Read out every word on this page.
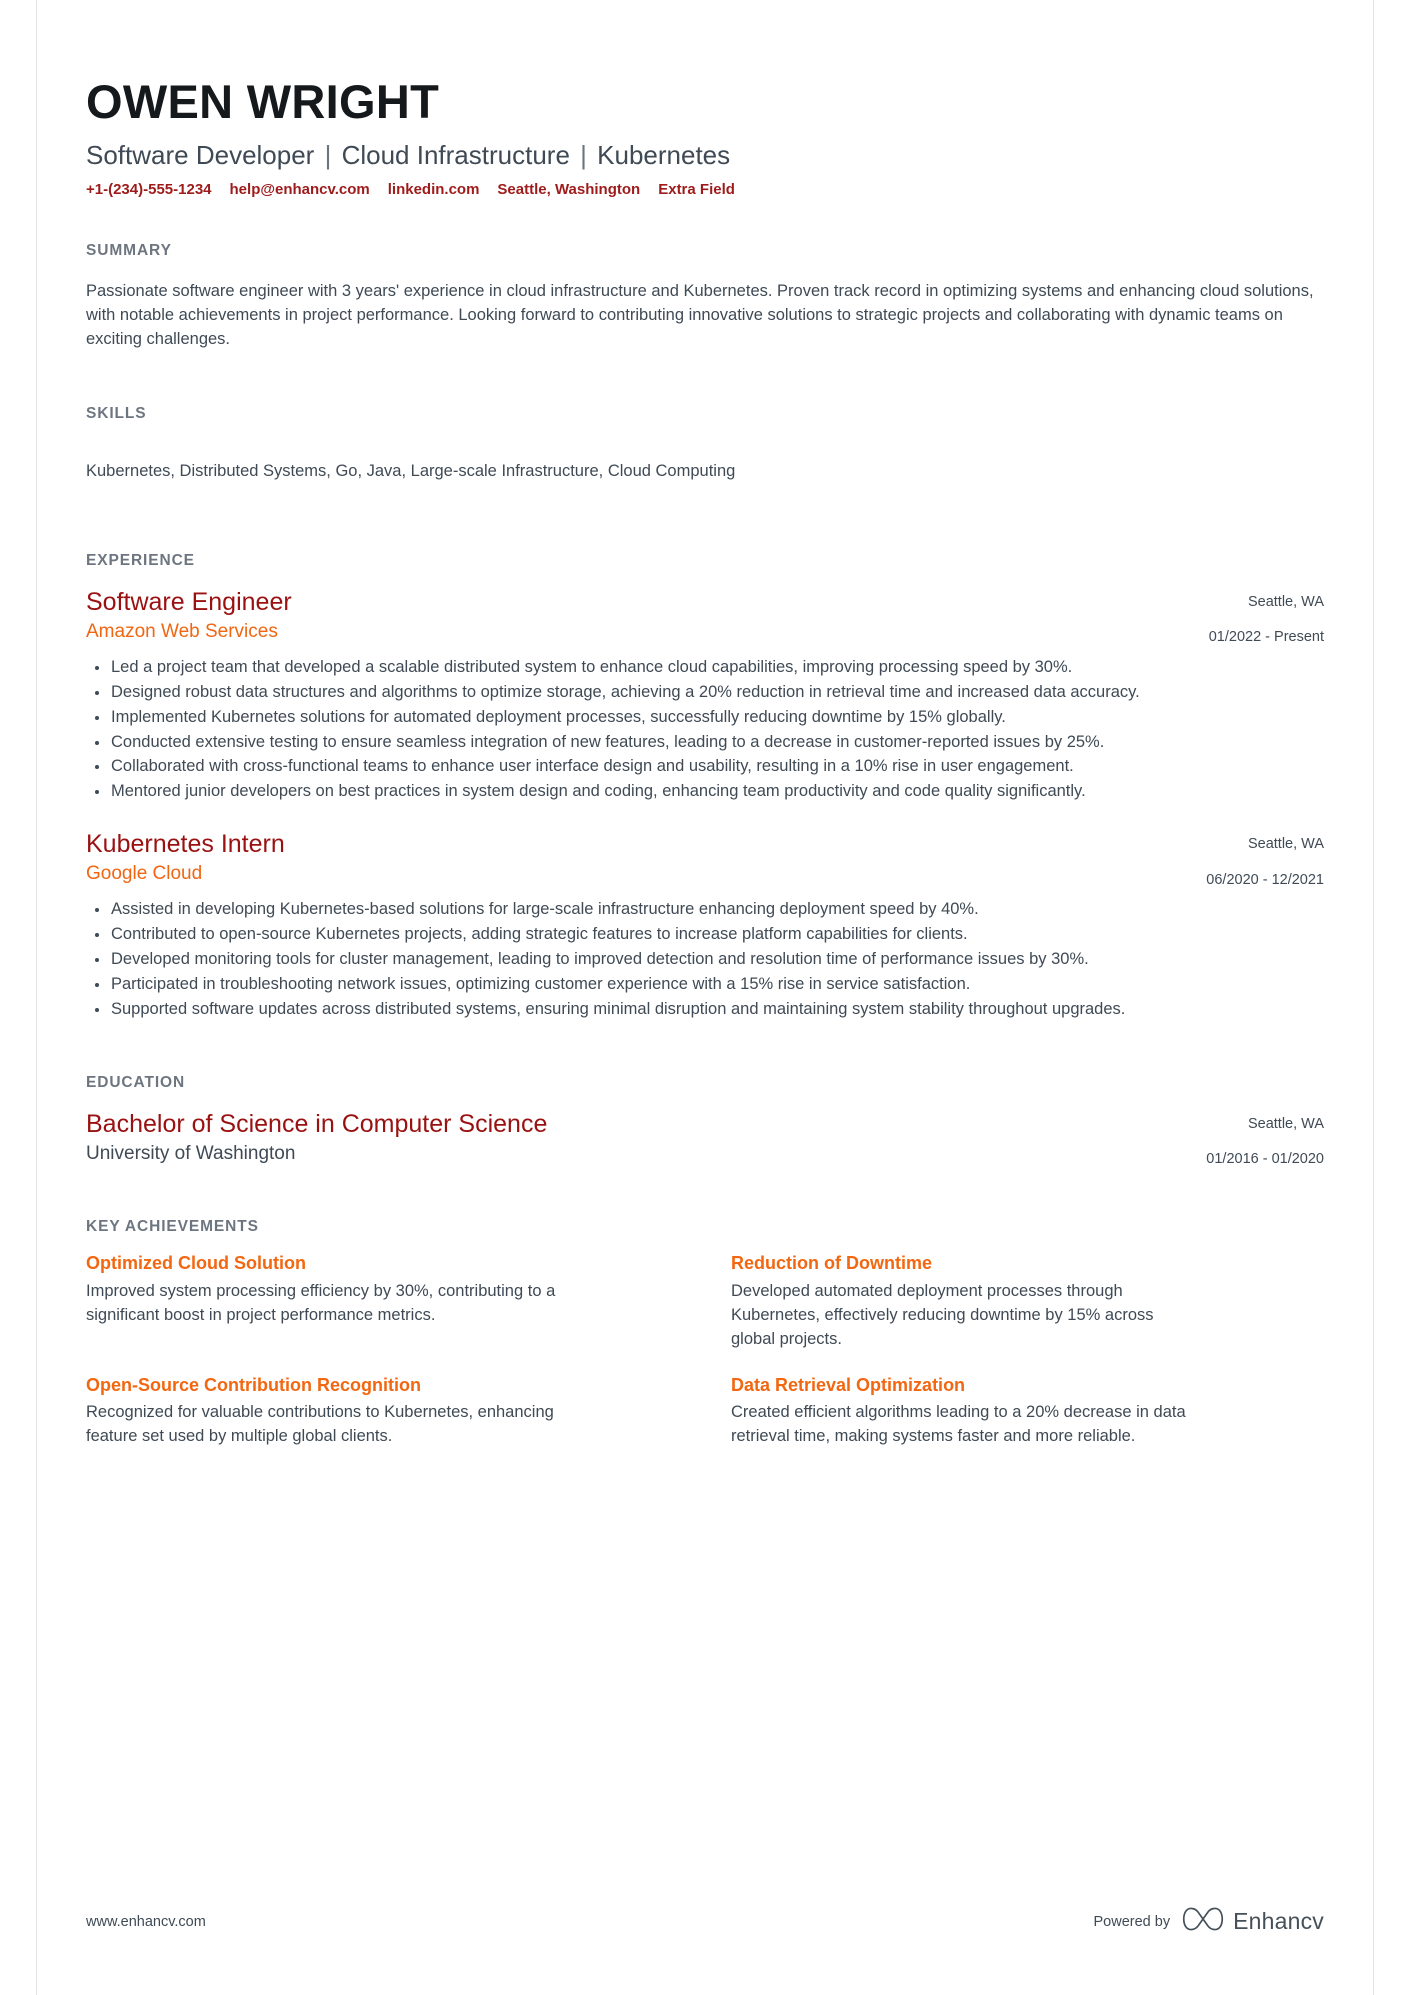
OWEN WRIGHT
Software Developer | Cloud Infrastructure | Kubernetes
+1-(234)-555-1234 help@enhancv.com linkedin.com Seattle, Washington Extra Field
SUMMARY

Passionate software engineer with 3 years' experience in cloud infrastructure and Kubernetes. Proven track record in optimizing systems and enhancing cloud solutions, with notable achievements in project performance. Looking forward to contributing innovative solutions to strategic projects and collaborating with dynamic teams on exciting challenges.

SKILLS

Kubernetes, Distributed Systems, Go, Java, Large-scale Infrastructure, Cloud Computing

EXPERIENCE
Software Engineer
Amazon Web Services
Seattle, WA
01/2022 - Present
Led a project team that developed a scalable distributed system to enhance cloud capabilities, improving processing speed by 30%.
Designed robust data structures and algorithms to optimize storage, achieving a 20% reduction in retrieval time and increased data accuracy.
Implemented Kubernetes solutions for automated deployment processes, successfully reducing downtime by 15% globally.
Conducted extensive testing to ensure seamless integration of new features, leading to a decrease in customer-reported issues by 25%.
Collaborated with cross-functional teams to enhance user interface design and usability, resulting in a 10% rise in user engagement.
Mentored junior developers on best practices in system design and coding, enhancing team productivity and code quality significantly.
Kubernetes Intern
Google Cloud
Seattle, WA
06/2020 - 12/2021
Assisted in developing Kubernetes-based solutions for large-scale infrastructure enhancing deployment speed by 40%.
Contributed to open-source Kubernetes projects, adding strategic features to increase platform capabilities for clients.
Developed monitoring tools for cluster management, leading to improved detection and resolution time of performance issues by 30%.
Participated in troubleshooting network issues, optimizing customer experience with a 15% rise in service satisfaction.
Supported software updates across distributed systems, ensuring minimal disruption and maintaining system stability throughout upgrades.
EDUCATION
Bachelor of Science in Computer Science
University of Washington
Seattle, WA
01/2016 - 01/2020
KEY ACHIEVEMENTS
Optimized Cloud Solution
Improved system processing efficiency by 30%, contributing to a significant boost in project performance metrics.
Reduction of Downtime
Developed automated deployment processes through Kubernetes, effectively reducing downtime by 15% across global projects.
Open-Source Contribution Recognition
Recognized for valuable contributions to Kubernetes, enhancing feature set used by multiple global clients.
Data Retrieval Optimization
Created efficient algorithms leading to a 20% decrease in data retrieval time, making systems faster and more reliable.
www.enhancv.com	Powered by	Enhancv
